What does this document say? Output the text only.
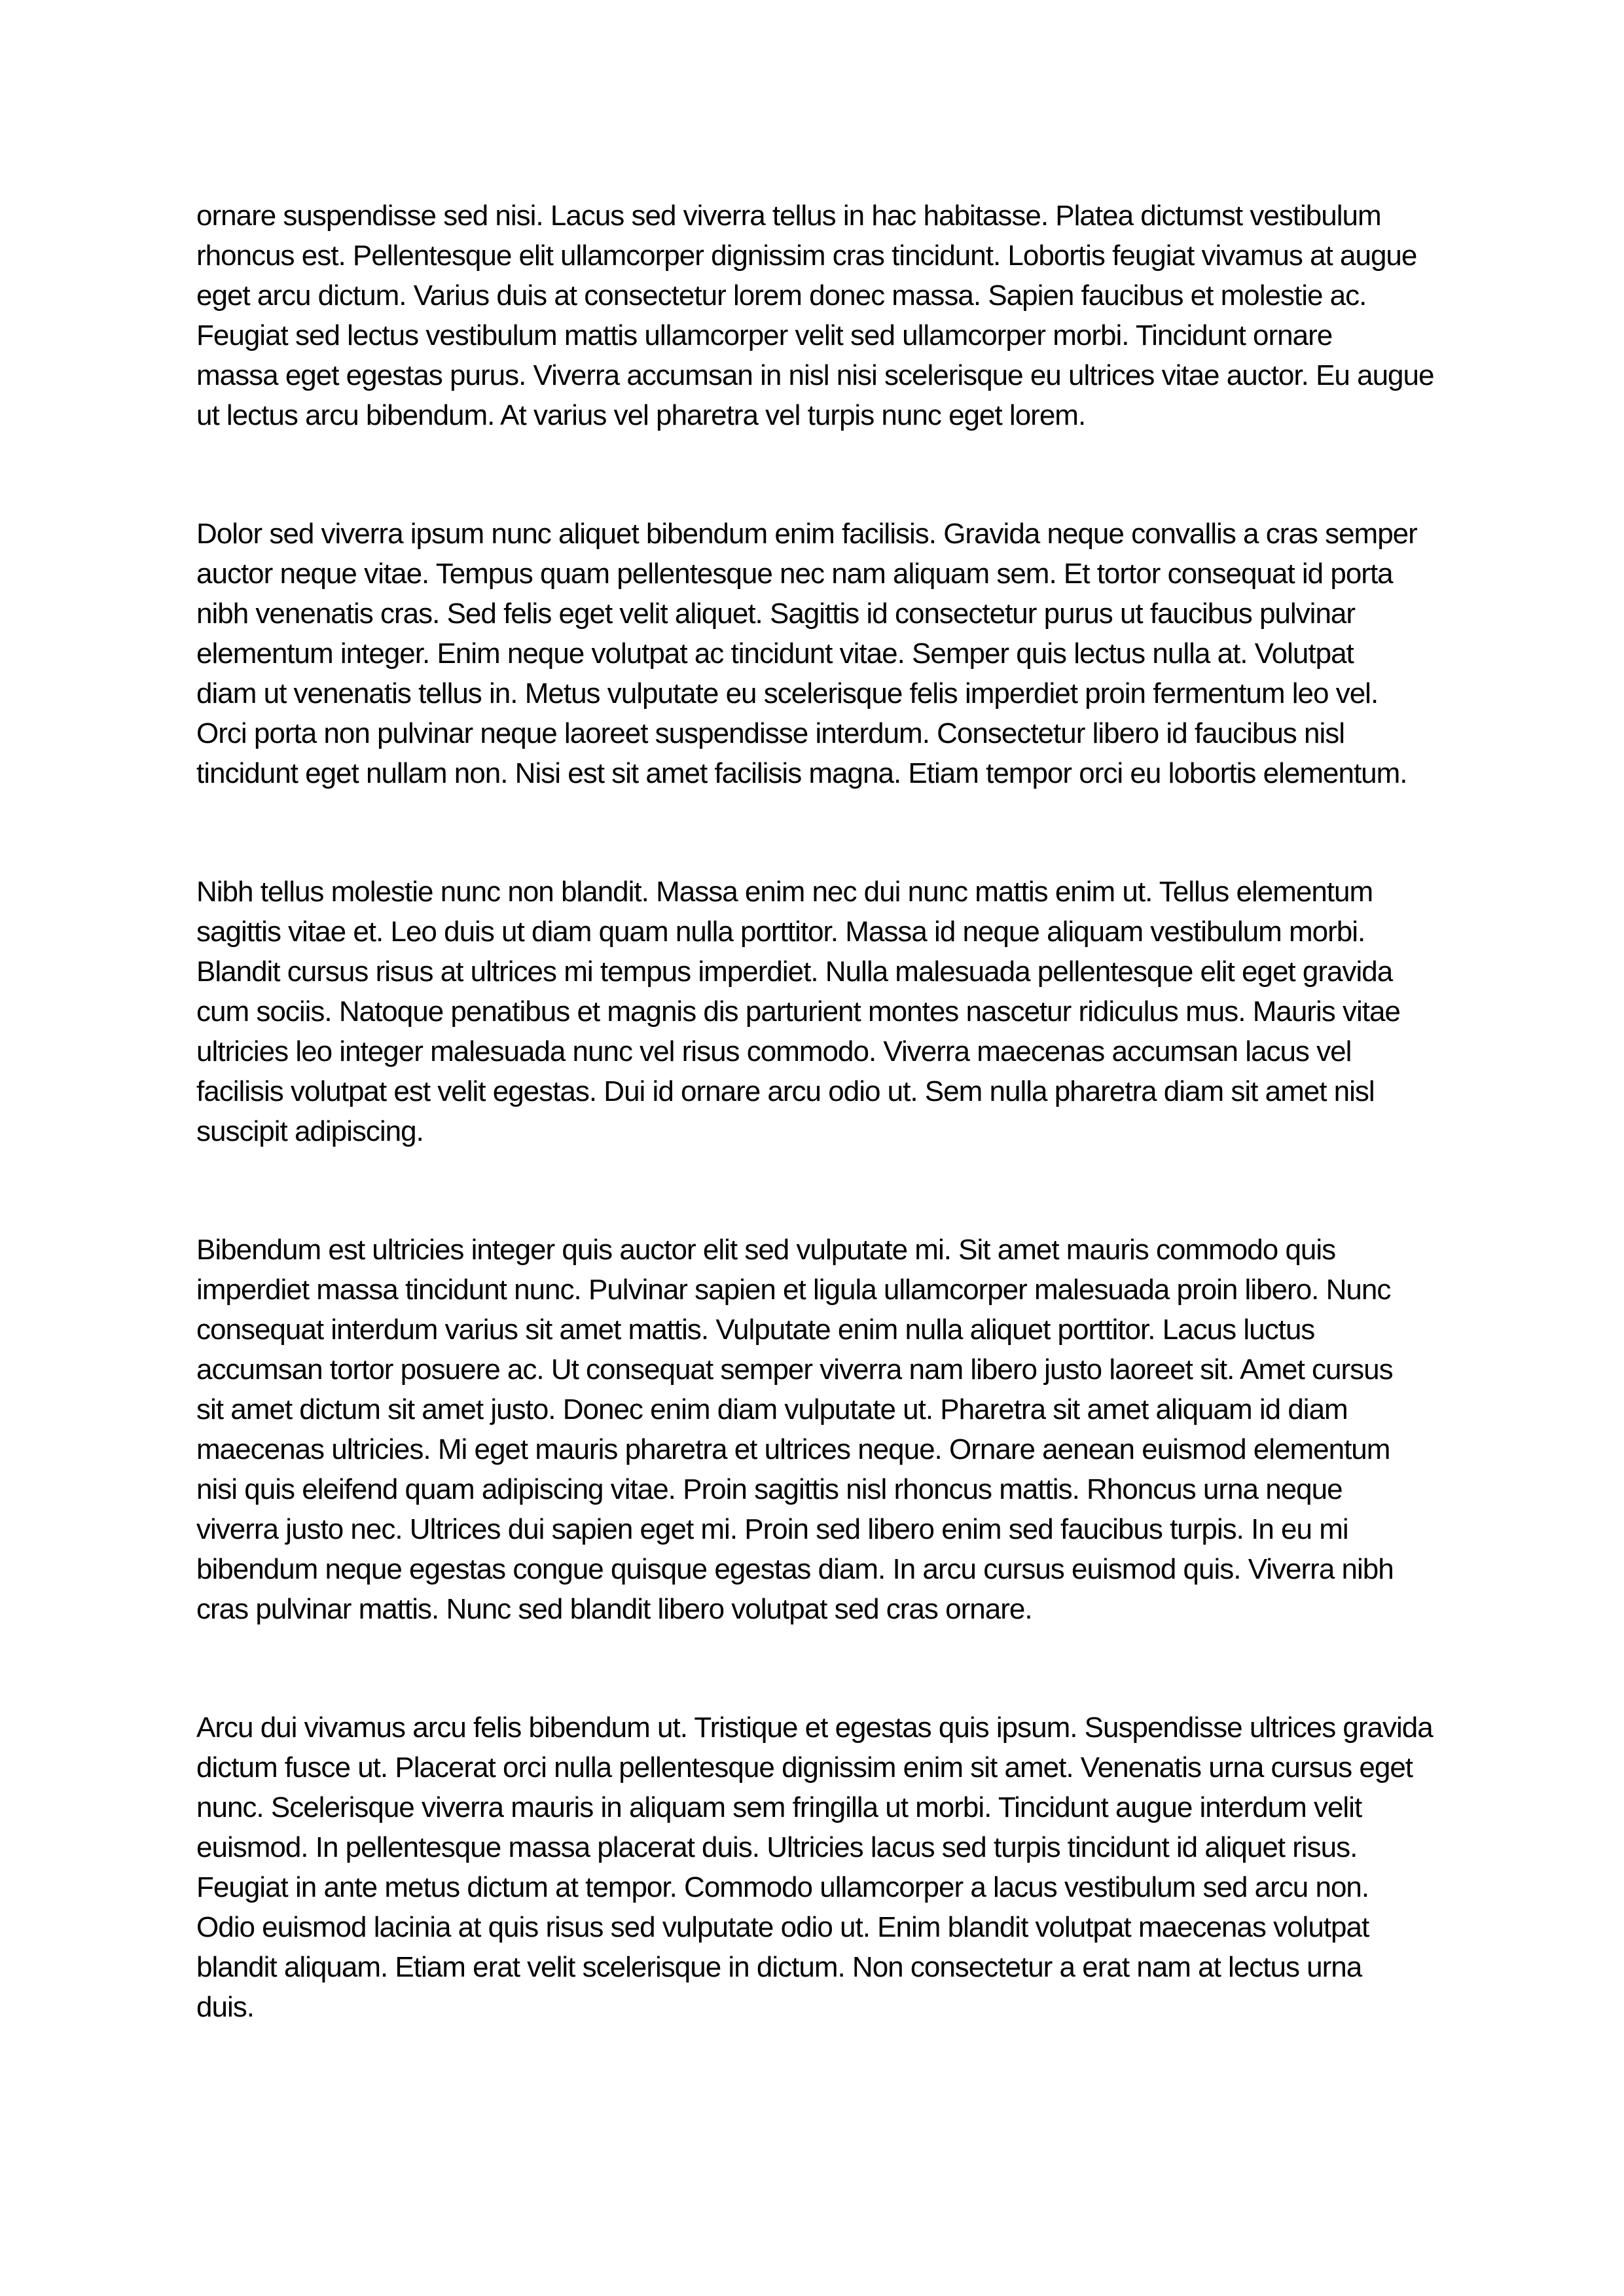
ornare suspendisse sed nisi. Lacus sed viverra tellus in hac habitasse. Platea dictumst vestibulum
rhoncus est. Pellentesque elit ullamcorper dignissim cras tincidunt. Lobortis feugiat vivamus at augue
eget arcu dictum. Varius duis at consectetur lorem donec massa. Sapien faucibus et molestie ac.
Feugiat sed lectus vestibulum mattis ullamcorper velit sed ullamcorper morbi. Tincidunt ornare
massa eget egestas purus. Viverra accumsan in nisl nisi scelerisque eu ultrices vitae auctor. Eu augue
ut lectus arcu bibendum. At varius vel pharetra vel turpis nunc eget lorem.
Dolor sed viverra ipsum nunc aliquet bibendum enim facilisis. Gravida neque convallis a cras semper
auctor neque vitae. Tempus quam pellentesque nec nam aliquam sem. Et tortor consequat id porta
nibh venenatis cras. Sed felis eget velit aliquet. Sagittis id consectetur purus ut faucibus pulvinar
elementum integer. Enim neque volutpat ac tincidunt vitae. Semper quis lectus nulla at. Volutpat
diam ut venenatis tellus in. Metus vulputate eu scelerisque felis imperdiet proin fermentum leo vel.
Orci porta non pulvinar neque laoreet suspendisse interdum. Consectetur libero id faucibus nisl
tincidunt eget nullam non. Nisi est sit amet facilisis magna. Etiam tempor orci eu lobortis elementum.
Nibh tellus molestie nunc non blandit. Massa enim nec dui nunc mattis enim ut. Tellus elementum
sagittis vitae et. Leo duis ut diam quam nulla porttitor. Massa id neque aliquam vestibulum morbi.
Blandit cursus risus at ultrices mi tempus imperdiet. Nulla malesuada pellentesque elit eget gravida
cum sociis. Natoque penatibus et magnis dis parturient montes nascetur ridiculus mus. Mauris vitae
ultricies leo integer malesuada nunc vel risus commodo. Viverra maecenas accumsan lacus vel
facilisis volutpat est velit egestas. Dui id ornare arcu odio ut. Sem nulla pharetra diam sit amet nisl
suscipit adipiscing.
Bibendum est ultricies integer quis auctor elit sed vulputate mi. Sit amet mauris commodo quis
imperdiet massa tincidunt nunc. Pulvinar sapien et ligula ullamcorper malesuada proin libero. Nunc
consequat interdum varius sit amet mattis. Vulputate enim nulla aliquet porttitor. Lacus luctus
accumsan tortor posuere ac. Ut consequat semper viverra nam libero justo laoreet sit. Amet cursus
sit amet dictum sit amet justo. Donec enim diam vulputate ut. Pharetra sit amet aliquam id diam
maecenas ultricies. Mi eget mauris pharetra et ultrices neque. Ornare aenean euismod elementum
nisi quis eleifend quam adipiscing vitae. Proin sagittis nisl rhoncus mattis. Rhoncus urna neque
viverra justo nec. Ultrices dui sapien eget mi. Proin sed libero enim sed faucibus turpis. In eu mi
bibendum neque egestas congue quisque egestas diam. In arcu cursus euismod quis. Viverra nibh
cras pulvinar mattis. Nunc sed blandit libero volutpat sed cras ornare.
Arcu dui vivamus arcu felis bibendum ut. Tristique et egestas quis ipsum. Suspendisse ultrices gravida
dictum fusce ut. Placerat orci nulla pellentesque dignissim enim sit amet. Venenatis urna cursus eget
nunc. Scelerisque viverra mauris in aliquam sem fringilla ut morbi. Tincidunt augue interdum velit
euismod. In pellentesque massa placerat duis. Ultricies lacus sed turpis tincidunt id aliquet risus.
Feugiat in ante metus dictum at tempor. Commodo ullamcorper a lacus vestibulum sed arcu non.
Odio euismod lacinia at quis risus sed vulputate odio ut. Enim blandit volutpat maecenas volutpat
blandit aliquam. Etiam erat velit scelerisque in dictum. Non consectetur a erat nam at lectus urna
duis.
